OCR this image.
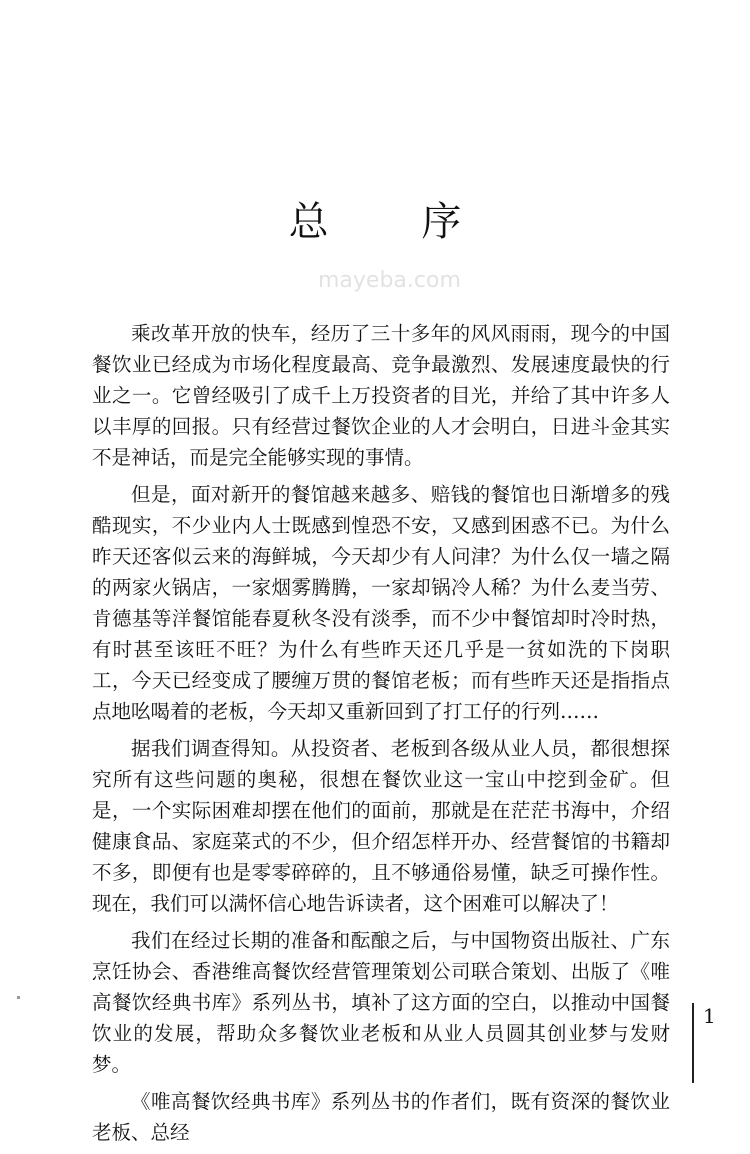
总 序
mayeba.com

乘改革开放的快车，经历了三十多年的风风雨雨，现今的中国餐饮业已经成为市场化程度最高、竞争最激烈、发展速度最快的行业之一。它曾经吸引了成千上万投资者的目光，并给了其中许多人以丰厚的回报。只有经营过餐饮企业的人才会明白，日进斗金其实不是神话，而是完全能够实现的事情。

但是，面对新开的餐馆越来越多、赔钱的餐馆也日渐增多的残酷现实，不少业内人士既感到惶恐不安，又感到困惑不已。为什么昨天还客似云来的海鲜城，今天却少有人问津？为什么仅一墙之隔的两家火锅店，一家烟雾腾腾，一家却锅冷人稀？为什么麦当劳、肯德基等洋餐馆能春夏秋冬没有淡季，而不少中餐馆却时冷时热，有时甚至该旺不旺？为什么有些昨天还几乎是一贫如洗的下岗职工，今天已经变成了腰缠万贯的餐馆老板；而有些昨天还是指指点点地吆喝着的老板，今天却又重新回到了打工仔的行列……

据我们调查得知。从投资者、老板到各级从业人员，都很想探究所有这些问题的奥秘，很想在餐饮业这一宝山中挖到金矿。但是，一个实际困难却摆在他们的面前，那就是在茫茫书海中，介绍健康食品、家庭菜式的不少，但介绍怎样开办、经营餐馆的书籍却不多，即便有也是零零碎碎的，且不够通俗易懂，缺乏可操作性。现在，我们可以满怀信心地告诉读者，这个困难可以解决了！

我们在经过长期的准备和酝酿之后，与中国物资出版社、广东烹饪协会、香港维高餐饮经营管理策划公司联合策划、出版了《唯高餐饮经典书库》系列丛书，填补了这方面的空白，以推动中国餐饮业的发展，帮助众多餐饮业老板和从业人员圆其创业梦与发财梦。

《唯高餐饮经典书库》系列丛书的作者们，既有资深的餐饮业老板、总经

1
